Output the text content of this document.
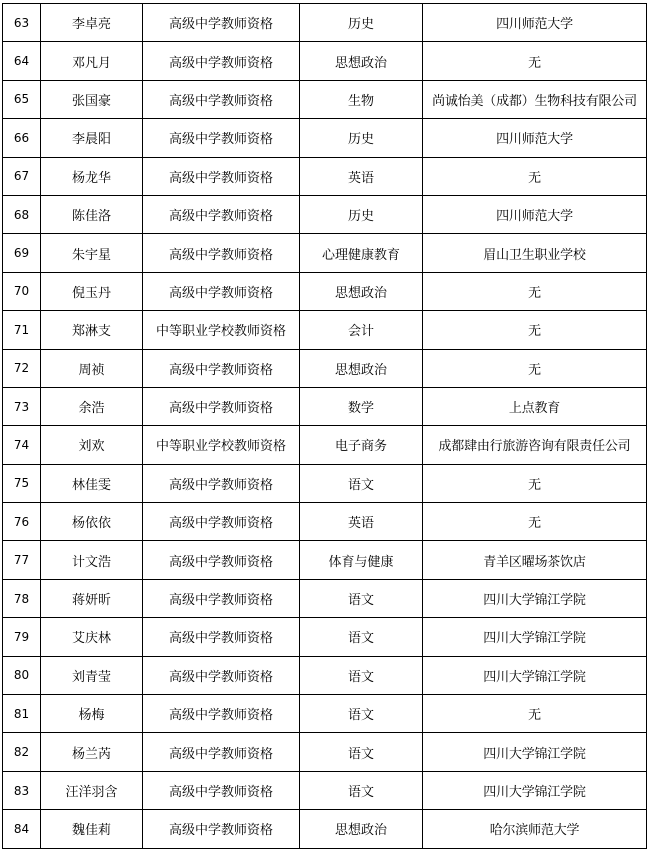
63	李卓亮	高级中学教师资格	历史	四川师范大学
64	邓凡月	高级中学教师资格	思想政治	无
65	张国豪	高级中学教师资格	生物	尚诚怡美（成都）生物科技有限公司
66	李晨阳	高级中学教师资格	历史	四川师范大学
67	杨龙华	高级中学教师资格	英语	无
68	陈佳洛	高级中学教师资格	历史	四川师范大学
69	朱宇星	高级中学教师资格	心理健康教育	眉山卫生职业学校
70	倪玉丹	高级中学教师资格	思想政治	无
71	郑淋支	中等职业学校教师资格	会计	无
72	周祯	高级中学教师资格	思想政治	无
73	余浩	高级中学教师资格	数学	上点教育
74	刘欢	中等职业学校教师资格	电子商务	成都肆由行旅游咨询有限责任公司
75	林佳雯	高级中学教师资格	语文	无
76	杨依依	高级中学教师资格	英语	无
77	计文浩	高级中学教师资格	体育与健康	青羊区曜场茶饮店
78	蒋妍昕	高级中学教师资格	语文	四川大学锦江学院
79	艾庆林	高级中学教师资格	语文	四川大学锦江学院
80	刘青莹	高级中学教师资格	语文	四川大学锦江学院
81	杨梅	高级中学教师资格	语文	无
82	杨兰芮	高级中学教师资格	语文	四川大学锦江学院
83	汪洋羽含	高级中学教师资格	语文	四川大学锦江学院
84	魏佳莉	高级中学教师资格	思想政治	哈尔滨师范大学
